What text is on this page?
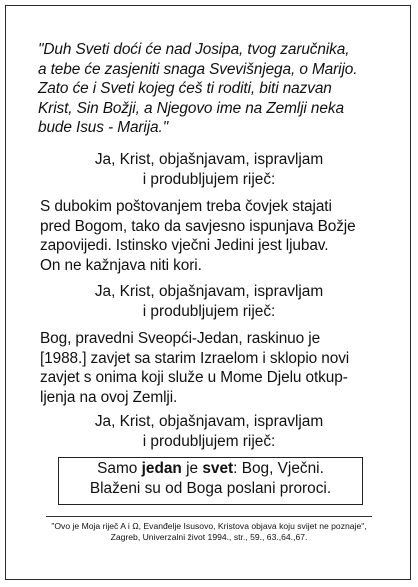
"Duh Sveti doći će nad Josipa, tvog zaručnika,
a tebe će zasjeniti snaga Svevišnjega, o Marijo.
Zato će i Sveti kojeg ćeš ti roditi, biti nazvan
Krist, Sin Božji, a Njegovo ime na Zemlji neka
bude Isus - Marija."
Ja, Krist, objašnjavam, ispravljam
i produbljujem riječ:
S dubokim poštovanjem treba čovjek stajati
pred Bogom, tako da savjesno ispunjava Božje
zapovijedi. Istinsko vječni Jedini jest ljubav.
On ne kažnjava niti kori.
Ja, Krist, objašnjavam, ispravljam
i produbljujem riječ:
Bog, pravedni Sveopći-Jedan, raskinuo je
[1988.] zavjet sa starim Izraelom i sklopio novi
zavjet s onima koji služe u Mome Djelu otkup-
ljenja na ovoj Zemlji.
Ja, Krist, objašnjavam, ispravljam
i produbljujem riječ:
Samo jedan je svet: Bog, Vječni.
Blaženi su od Boga poslani proroci.
"Ovo je Moja riječ A i Ω, Evanđelje Isusovo, Kristova objava koju svijet ne poznaje",
Zagreb, Univerzalni život 1994., str., 59., 63.,64.,67.
